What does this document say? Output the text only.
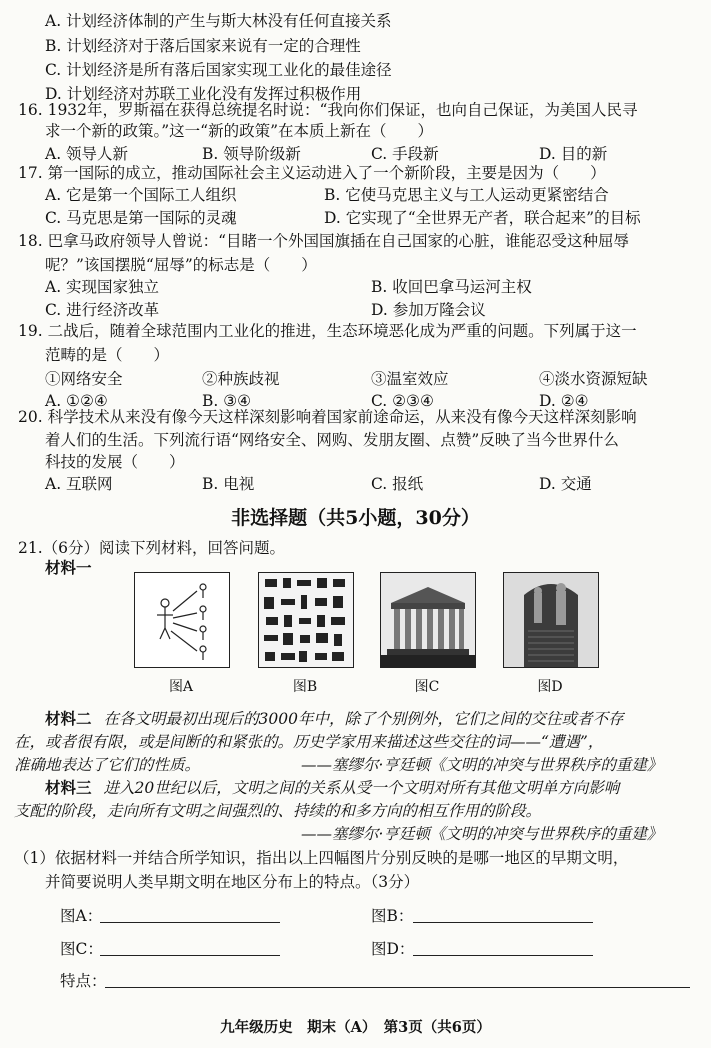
A. 计划经济体制的产生与斯大林没有任何直接关系
B. 计划经济对于落后国家来说有一定的合理性
C. 计划经济是所有落后国家实现工业化的最佳途径
D. 计划经济对苏联工业化没有发挥过积极作用
16. 1932年，罗斯福在获得总统提名时说：“我向你们保证，也向自己保证，为美国人民寻
求一个新的政策。”这一“新的政策”在本质上新在（　　）
A. 领导人新	B. 领导阶级新	C. 手段新	D. 目的新
17. 第一国际的成立，推动国际社会主义运动进入了一个新阶段，主要是因为（　　）
A. 它是第一个国际工人组织	B. 它使马克思主义与工人运动更紧密结合
C. 马克思是第一国际的灵魂	D. 它实现了“全世界无产者，联合起来”的目标
18. 巴拿马政府领导人曾说：“目睹一个外国国旗插在自己国家的心脏，谁能忍受这种屈辱
呢？”该国摆脱“屈辱”的标志是（　　）
A. 实现国家独立	B. 收回巴拿马运河主权
C. 进行经济改革	D. 参加万隆会议
19. 二战后，随着全球范围内工业化的推进，生态环境恶化成为严重的问题。下列属于这一
范畴的是（　　）
①网络安全	②种族歧视	③温室效应	④淡水资源短缺
A. ①②④	B. ③④	C. ②③④	D. ②④
20. 科学技术从来没有像今天这样深刻影响着国家前途命运，从来没有像今天这样深刻影响
着人们的生活。下列流行语“网络安全、网购、发朋友圈、点赞”反映了当今世界什么
科技的发展（　　）
A. 互联网	B. 电视	C. 报纸	D. 交通
非选择题（共5小题，30分）
21.（6分）阅读下列材料，回答问题。
材料一
图A	图B	图C	图D
材料二 在各文明最初出现后的3000年中，除了个别例外，它们之间的交往或者不存
在，或者很有限，或是间断的和紧张的。历史学家用来描述这些交往的词——“遭遇”，
准确地表达了它们的性质。	——塞缪尔·亨廷顿《文明的冲突与世界秩序的重建》
材料三 进入20世纪以后，文明之间的关系从受一个文明对所有其他文明单方向影响
支配的阶段，走向所有文明之间强烈的、持续的和多方向的相互作用的阶段。
——塞缪尔·亨廷顿《文明的冲突与世界秩序的重建》
（1）依据材料一并结合所学知识，指出以上四幅图片分别反映的是哪一地区的早期文明，
并简要说明人类早期文明在地区分布上的特点。（3分）
图A：	图B：
图C：	图D：
特点：
九年级历史　期末（A）　第3页（共6页）
